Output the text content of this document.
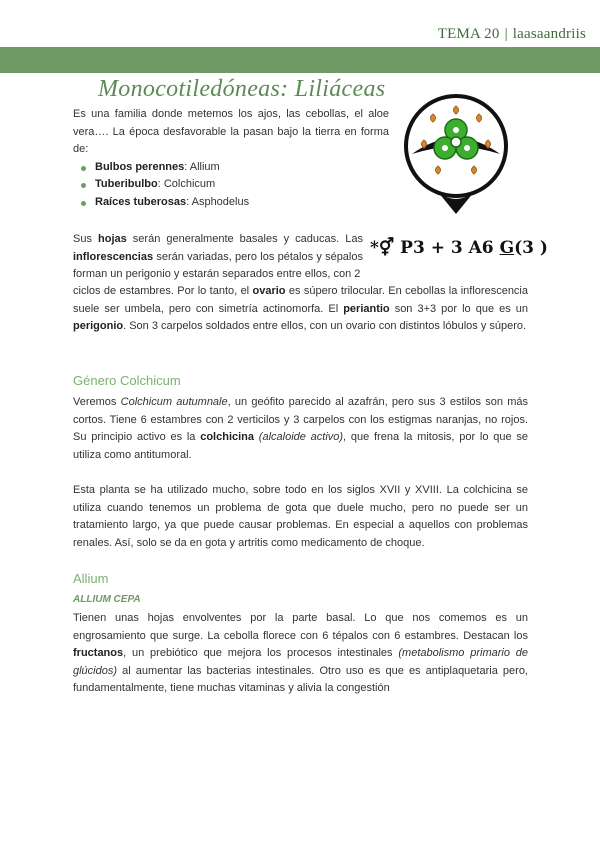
TEMA 20 | laasaandriis
Monocotiledóneas: Liliáceas
Es una familia donde metemos los ajos, las cebollas, el aloe vera…. La época desfavorable la pasan bajo la tierra en forma de:
Bulbos perennes: Allium
Tuberibulbo: Colchicum
Raíces tuberosas: Asphodelus
Sus hojas serán generalmente basales y caducas. Las inflorescencias serán variadas, pero los pétalos y sépalos forman un perigonio y estarán separados entre ellos, con 2
*⚥ P3 + 3 A6 G(3 )
ciclos de estambres. Por lo tanto, el ovario es súpero trilocular. En cebollas la inflorescencia suele ser umbela, pero con simetría actinomorfa. El periantio son 3+3 por lo que es un perigonio. Son 3 carpelos soldados entre ellos, con un ovario con distintos lóbulos y súpero.
Género Colchicum
Veremos Colchicum autumnale, un geófito parecido al azafrán, pero sus 3 estilos son más cortos. Tiene 6 estambres con 2 verticilos y 3 carpelos con los estigmas naranjas, no rojos. Su principio activo es la colchicina (alcaloide activo), que frena la mitosis, por lo que se utiliza como antitumoral.
Esta planta se ha utilizado mucho, sobre todo en los siglos XVII y XVIII. La colchicina se utiliza cuando tenemos un problema de gota que duele mucho, pero no puede ser un tratamiento largo, ya que puede causar problemas. En especial a aquellos con problemas renales. Así, solo se da en gota y artritis como medicamento de choque.
Allium
ALLIUM CEPA
Tienen unas hojas envolventes por la parte basal. Lo que nos comemos es un engrosamiento que surge. La cebolla florece con 6 tépalos con 6 estambres. Destacan los fructanos, un prebiótico que mejora los procesos intestinales (metabolismo primario de glúcidos) al aumentar las bacterias intestinales. Otro uso es que es antiplaquetaria pero, fundamentalmente, tiene muchas vitaminas y alivia la congestión
